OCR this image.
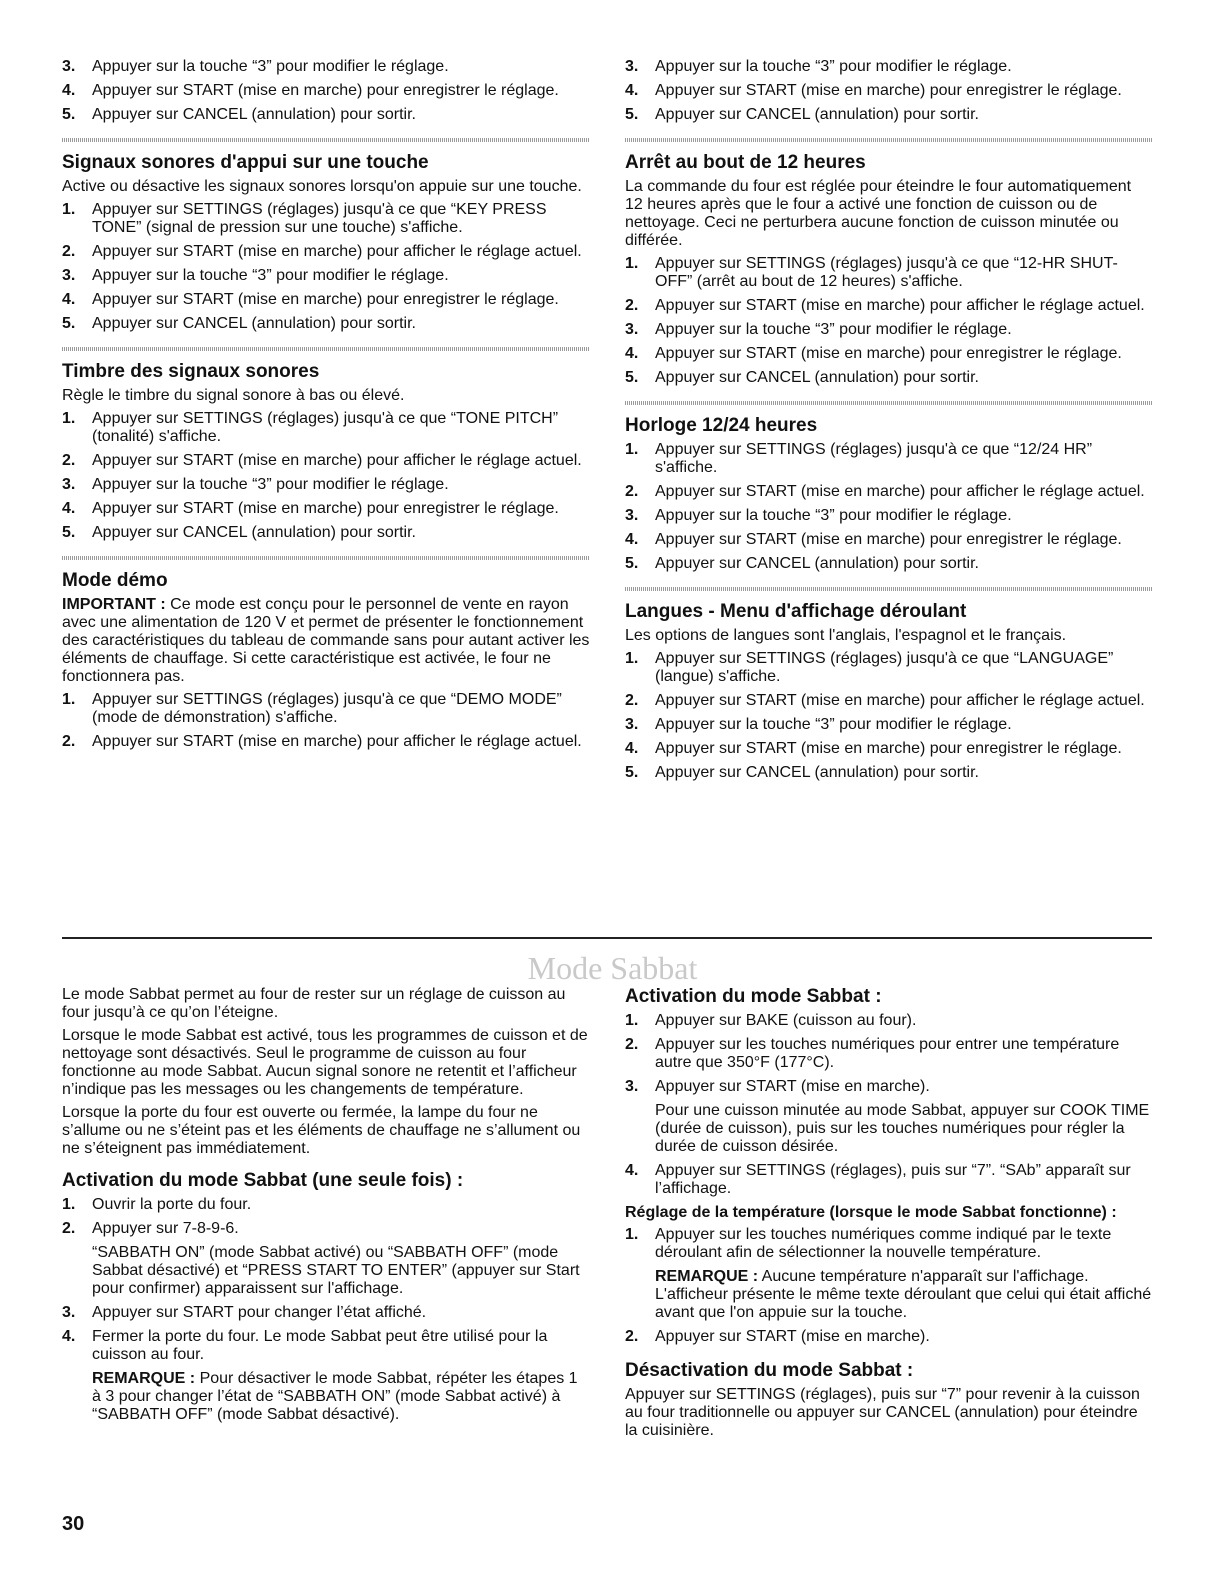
3.	Appuyer sur la touche “3” pour modifier le réglage.
4.	Appuyer sur START (mise en marche) pour enregistrer le réglage.
5.	Appuyer sur CANCEL (annulation) pour sortir.
Signaux sonores d'appui sur une touche

Active ou désactive les signaux sonores lorsqu'on appuie sur une touche.

1.	Appuyer sur SETTINGS (réglages) jusqu'à ce que “KEY PRESS TONE” (signal de pression sur une touche) s'affiche.
2.	Appuyer sur START (mise en marche) pour afficher le réglage actuel.
3.	Appuyer sur la touche “3” pour modifier le réglage.
4.	Appuyer sur START (mise en marche) pour enregistrer le réglage.
5.	Appuyer sur CANCEL (annulation) pour sortir.
Timbre des signaux sonores

Règle le timbre du signal sonore à bas ou élevé.

1.	Appuyer sur SETTINGS (réglages) jusqu'à ce que “TONE PITCH” (tonalité) s'affiche.
2.	Appuyer sur START (mise en marche) pour afficher le réglage actuel.
3.	Appuyer sur la touche “3” pour modifier le réglage.
4.	Appuyer sur START (mise en marche) pour enregistrer le réglage.
5.	Appuyer sur CANCEL (annulation) pour sortir.
Mode démo

IMPORTANT : Ce mode est conçu pour le personnel de vente en rayon avec une alimentation de 120 V et permet de présenter le fonctionnement des caractéristiques du tableau de commande sans pour autant activer les éléments de chauffage. Si cette caractéristique est activée, le four ne fonctionnera pas.

1.	Appuyer sur SETTINGS (réglages) jusqu'à ce que “DEMO MODE” (mode de démonstration) s'affiche.
2.	Appuyer sur START (mise en marche) pour afficher le réglage actuel.
3.	Appuyer sur la touche “3” pour modifier le réglage.
4.	Appuyer sur START (mise en marche) pour enregistrer le réglage.
5.	Appuyer sur CANCEL (annulation) pour sortir.
Arrêt au bout de 12 heures

La commande du four est réglée pour éteindre le four automatiquement 12 heures après que le four a activé une fonction de cuisson ou de nettoyage. Ceci ne perturbera aucune fonction de cuisson minutée ou différée.

1.	Appuyer sur SETTINGS (réglages) jusqu'à ce que “12-HR SHUT-OFF” (arrêt au bout de 12 heures) s'affiche.
2.	Appuyer sur START (mise en marche) pour afficher le réglage actuel.
3.	Appuyer sur la touche “3” pour modifier le réglage.
4.	Appuyer sur START (mise en marche) pour enregistrer le réglage.
5.	Appuyer sur CANCEL (annulation) pour sortir.
Horloge 12/24 heures
1.	Appuyer sur SETTINGS (réglages) jusqu'à ce que “12/24 HR” s'affiche.
2.	Appuyer sur START (mise en marche) pour afficher le réglage actuel.
3.	Appuyer sur la touche “3” pour modifier le réglage.
4.	Appuyer sur START (mise en marche) pour enregistrer le réglage.
5.	Appuyer sur CANCEL (annulation) pour sortir.
Langues - Menu d'affichage déroulant

Les options de langues sont l'anglais, l'espagnol et le français.

1.	Appuyer sur SETTINGS (réglages) jusqu'à ce que “LANGUAGE” (langue) s'affiche.
2.	Appuyer sur START (mise en marche) pour afficher le réglage actuel.
3.	Appuyer sur la touche “3” pour modifier le réglage.
4.	Appuyer sur START (mise en marche) pour enregistrer le réglage.
5.	Appuyer sur CANCEL (annulation) pour sortir.
Mode Sabbat

Le mode Sabbat permet au four de rester sur un réglage de cuisson au four jusqu’à ce qu’on l’éteigne.

Lorsque le mode Sabbat est activé, tous les programmes de cuisson et de nettoyage sont désactivés. Seul le programme de cuisson au four fonctionne au mode Sabbat. Aucun signal sonore ne retentit et l’afficheur n’indique pas les messages ou les changements de température.

Lorsque la porte du four est ouverte ou fermée, la lampe du four ne s’allume ou ne s’éteint pas et les éléments de chauffage ne s’allument ou ne s’éteignent pas immédiatement.

Activation du mode Sabbat (une seule fois) :
1.	Ouvrir la porte du four.
2.	Appuyer sur 7-8-9-6.

“SABBATH ON” (mode Sabbat activé) ou “SABBATH OFF” (mode Sabbat désactivé) et “PRESS START TO ENTER” (appuyer sur Start pour confirmer) apparaissent sur l'affichage.

3.	Appuyer sur START pour changer l’état affiché.
4.	Fermer la porte du four. Le mode Sabbat peut être utilisé pour la cuisson au four.

REMARQUE : Pour désactiver le mode Sabbat, répéter les étapes 1 à 3 pour changer l’état de “SABBATH ON” (mode Sabbat activé) à “SABBATH OFF” (mode Sabbat désactivé).

Activation du mode Sabbat :
1.	Appuyer sur BAKE (cuisson au four).
2.	Appuyer sur les touches numériques pour entrer une température autre que 350°F (177°C).
3.	Appuyer sur START (mise en marche).

Pour une cuisson minutée au mode Sabbat, appuyer sur COOK TIME (durée de cuisson), puis sur les touches numériques pour régler la durée de cuisson désirée.

4.	Appuyer sur SETTINGS (réglages), puis sur “7”. “SAb” apparaît sur l’affichage.
Réglage de la température (lorsque le mode Sabbat fonctionne) :
1.	Appuyer sur les touches numériques comme indiqué par le texte déroulant afin de sélectionner la nouvelle température.

REMARQUE : Aucune température n'apparaît sur l'affichage. L'afficheur présente le même texte déroulant que celui qui était affiché avant que l'on appuie sur la touche.

2.	Appuyer sur START (mise en marche).
Désactivation du mode Sabbat :

Appuyer sur SETTINGS (réglages), puis sur “7” pour revenir à la cuisson au four traditionnelle ou appuyer sur CANCEL (annulation) pour éteindre la cuisinière.

30
